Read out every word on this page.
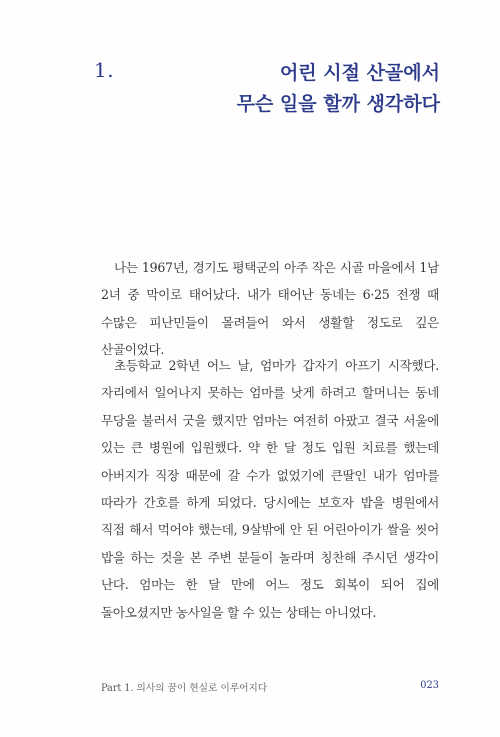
1.	어린 시절 산골에서
무슨 일을 할까 생각하다

나는 1967년, 경기도 평택군의 아주 작은 시골 마을에서 1남 2녀 중 막이로 태어났다. 내가 태어난 동네는 6·25 전쟁 때 수많은 피난민들이 몰려들어 와서 생활할 정도로 깊은 산골이었다.

초등학교 2학년 어느 날, 엄마가 갑자기 아프기 시작했다. 자리에서 일어나지 못하는 엄마를 낫게 하려고 할머니는 동네 무당을 불러서 굿을 했지만 엄마는 여전히 아팠고 결국 서울에 있는 큰 병원에 입원했다. 약 한 달 정도 입원 치료를 했는데 아버지가 직장 때문에 갈 수가 없었기에 큰딸인 내가 엄마를 따라가 간호를 하게 되었다. 당시에는 보호자 밥을 병원에서 직접 해서 먹어야 했는데, 9살밖에 안 된 어린아이가 쌀을 씻어 밥을 하는 것을 본 주변 분들이 놀라며 칭찬해 주시던 생각이 난다. 엄마는 한 달 만에 어느 정도 회복이 되어 집에 돌아오셨지만 농사일을 할 수 있는 상태는 아니었다.

Part 1. 의사의 꿈이 현실로 이루어지다	023
